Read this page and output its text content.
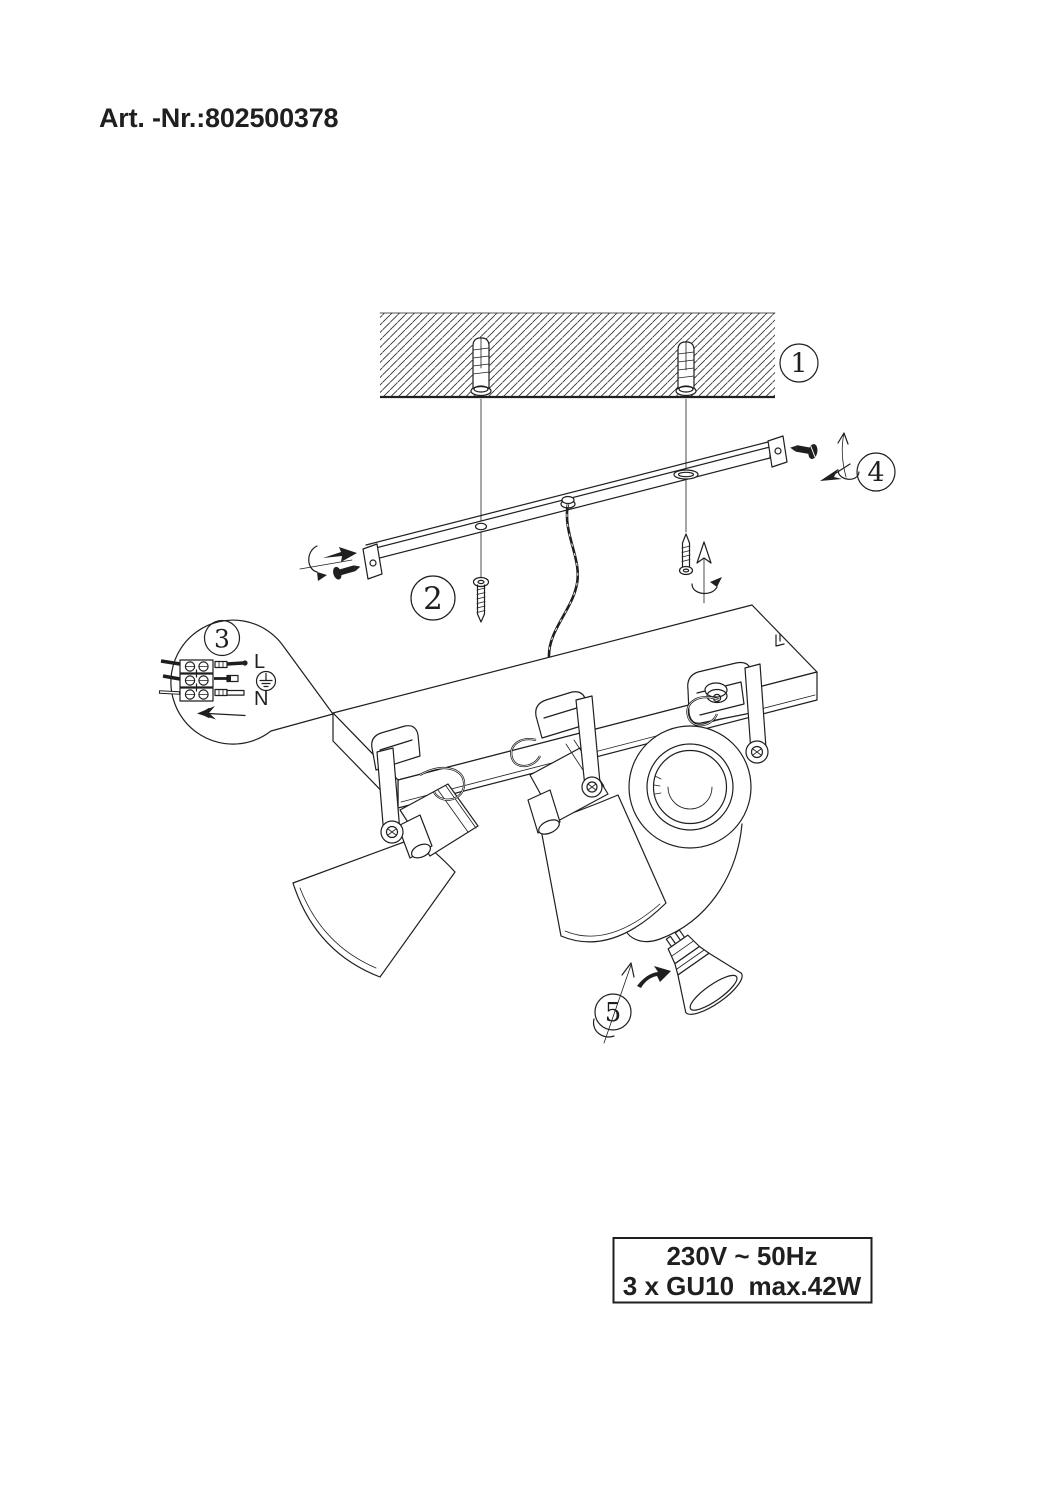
Art. -Nr.:802500378
1
2
4
3
L
N
5
230V ~ 50Hz
3 x GU10  max.42W
